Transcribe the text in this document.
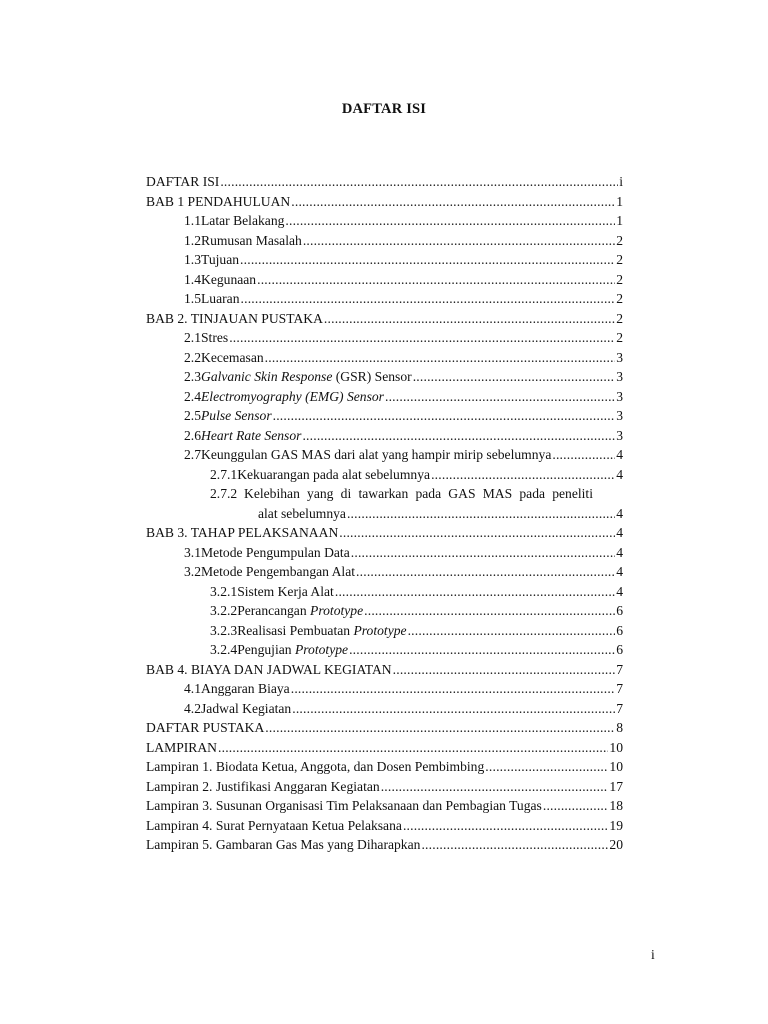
DAFTAR ISI
DAFTAR ISI .....	i
BAB 1 PENDAHULUAN .....	1
1.1 Latar Belakang .....	1
1.2 Rumusan Masalah .....	2
1.3 Tujuan .....	2
1.4 Kegunaan .....	2
1.5 Luaran .....	2
BAB 2. TINJAUAN PUSTAKA .....	2
2.1 Stres .....	2
2.2 Kecemasan .....	3
2.3 Galvanic Skin Response (GSR) Sensor .....	3
2.4 Electromyography (EMG) Sensor .....	3
2.5 Pulse Sensor .....	3
2.6 Heart Rate Sensor .....	3
2.7 Keunggulan GAS MAS dari alat yang hampir mirip sebelumnya .....	4
2.7.1 Kekuarangan pada alat sebelumnya .....	4
2.7.2 Kelebihan yang di tawarkan pada GAS MAS pada peneliti
alat sebelumnya .....	4
BAB 3. TAHAP PELAKSANAAN .....	4
3.1 Metode Pengumpulan Data .....	4
3.2 Metode Pengembangan Alat .....	4
3.2.1 Sistem Kerja Alat .....	4
3.2.2 Perancangan Prototype .....	6
3.2.3 Realisasi Pembuatan Prototype .....	6
3.2.4 Pengujian Prototype .....	6
BAB 4. BIAYA DAN JADWAL KEGIATAN .....	7
4.1 Anggaran Biaya .....	7
4.2 Jadwal Kegiatan .....	7
DAFTAR PUSTAKA .....	8
LAMPIRAN .....	10
Lampiran 1. Biodata Ketua, Anggota, dan Dosen Pembimbing .....	10
Lampiran 2. Justifikasi Anggaran Kegiatan .....	17
Lampiran 3. Susunan Organisasi Tim Pelaksanaan dan Pembagian Tugas .....	18
Lampiran 4. Surat Pernyataan Ketua Pelaksana .....	19
Lampiran 5. Gambaran Gas Mas yang Diharapkan .....	20
i
